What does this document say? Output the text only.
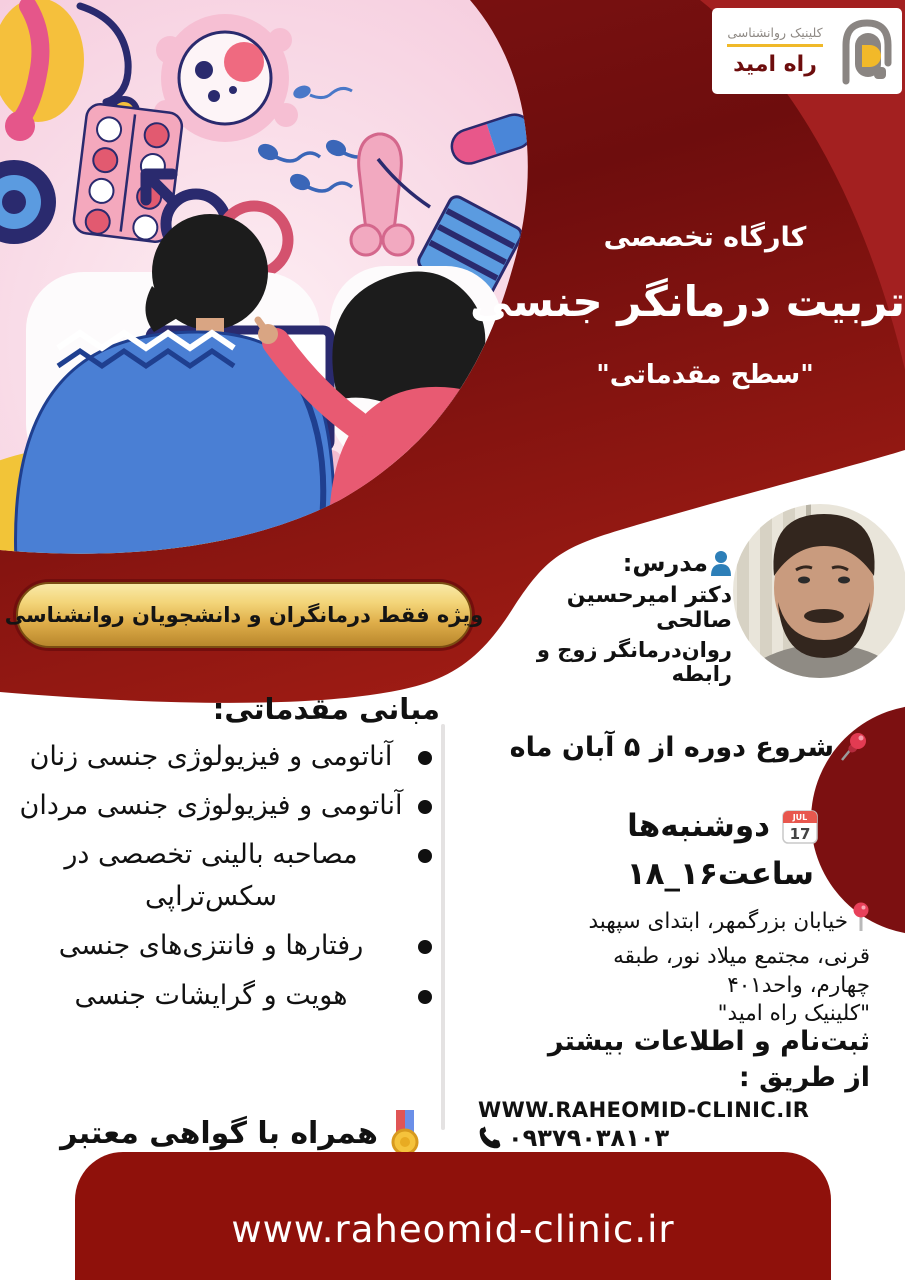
کلینیک روانشناسی
راه امید
کارگاه تخصصی
تربیت درمانگر جنسی
"سطح مقدماتی"
ویژه فقط درمانگران و دانشجویان روانشناسی
مدرس:
دکتر امیرحسین صالحی
روان‌درمانگر زوج و رابطه
مبانی مقدماتی:
آناتومی و فیزیولوژی جنسی زنان
آناتومی و فیزیولوژی جنسی مردان
مصاحبه بالینی تخصصی در سکس‌تراپی
رفتارها و فانتزی‌های جنسی
هویت و گرایشات جنسی
همراه با گواهی معتبر
شروع دوره از ۵ آبان ماه
JUL
17
دوشنبه‌ها
ساعت۱۶_۱۸
خیابان بزرگمهر، ابتدای سپهبد
قرنی، مجتمع میلاد نور، طبقه
چهارم، واحد۴۰۱
"کلینیک راه امید"
ثبت‌نام و اطلاعات بیشتر
از طریق :
WWW.RAHEOMID-CLINIC.IR
۰۹۳۷۹۰۳۸۱۰۳
www.raheomid-clinic.ir
